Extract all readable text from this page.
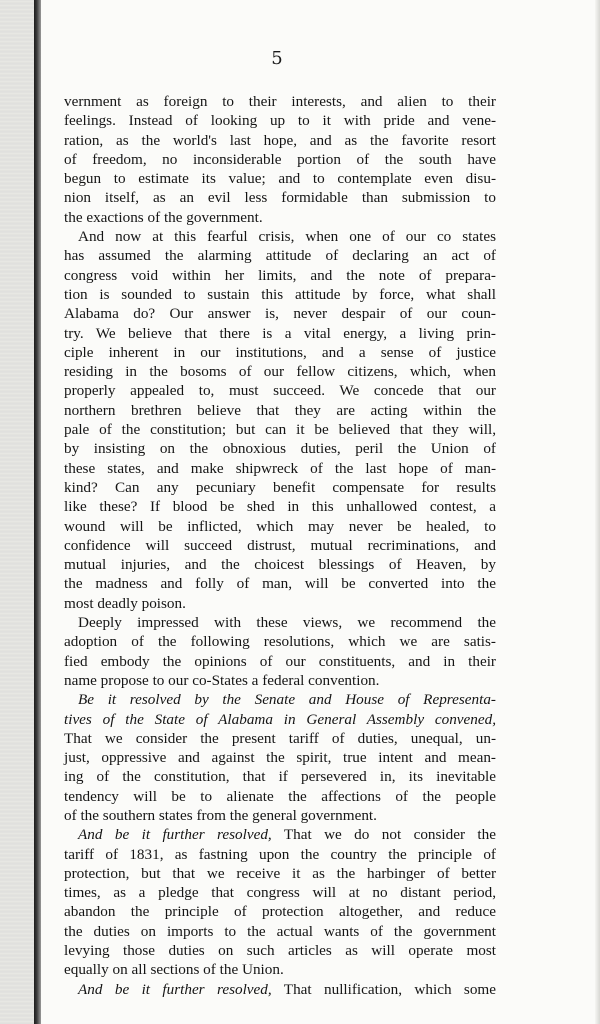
5
vernment as foreign to their interests, and alien to their
feelings. Instead of looking up to it with pride and vene-
ration, as the world's last hope, and as the favorite resort
of freedom, no inconsiderable portion of the south have
begun to estimate its value; and to contemplate even disu-
nion itself, as an evil less formidable than submission to
the exactions of the government.
And now at this fearful crisis, when one of our co states
has assumed the alarming attitude of declaring an act of
congress void within her limits, and the note of prepara-
tion is sounded to sustain this attitude by force, what shall
Alabama do? Our answer is, never despair of our coun-
try. We believe that there is a vital energy, a living prin-
ciple inherent in our institutions, and a sense of justice
residing in the bosoms of our fellow citizens, which, when
properly appealed to, must succeed. We concede that our
northern brethren believe that they are acting within the
pale of the constitution; but can it be believed that they will,
by insisting on the obnoxious duties, peril the Union of
these states, and make shipwreck of the last hope of man-
kind? Can any pecuniary benefit compensate for results
like these? If blood be shed in this unhallowed contest, a
wound will be inflicted, which may never be healed, to
confidence will succeed distrust, mutual recriminations, and
mutual injuries, and the choicest blessings of Heaven, by
the madness and folly of man, will be converted into the
most deadly poison.
Deeply impressed with these views, we recommend the
adoption of the following resolutions, which we are satis-
fied embody the opinions of our constituents, and in their
name propose to our co-States a federal convention.
Be it resolved by the Senate and House of Representa-
tives of the State of Alabama in General Assembly convened,
That we consider the present tariff of duties, unequal, un-
just, oppressive and against the spirit, true intent and mean-
ing of the constitution, that if persevered in, its inevitable
tendency will be to alienate the affections of the people
of the southern states from the general government.
And be it further resolved, That we do not consider the
tariff of 1831, as fastning upon the country the principle of
protection, but that we receive it as the harbinger of better
times, as a pledge that congress will at no distant period,
abandon the principle of protection altogether, and reduce
the duties on imports to the actual wants of the government
levying those duties on such articles as will operate most
equally on all sections of the Union.
And be it further resolved, That nullification, which some
